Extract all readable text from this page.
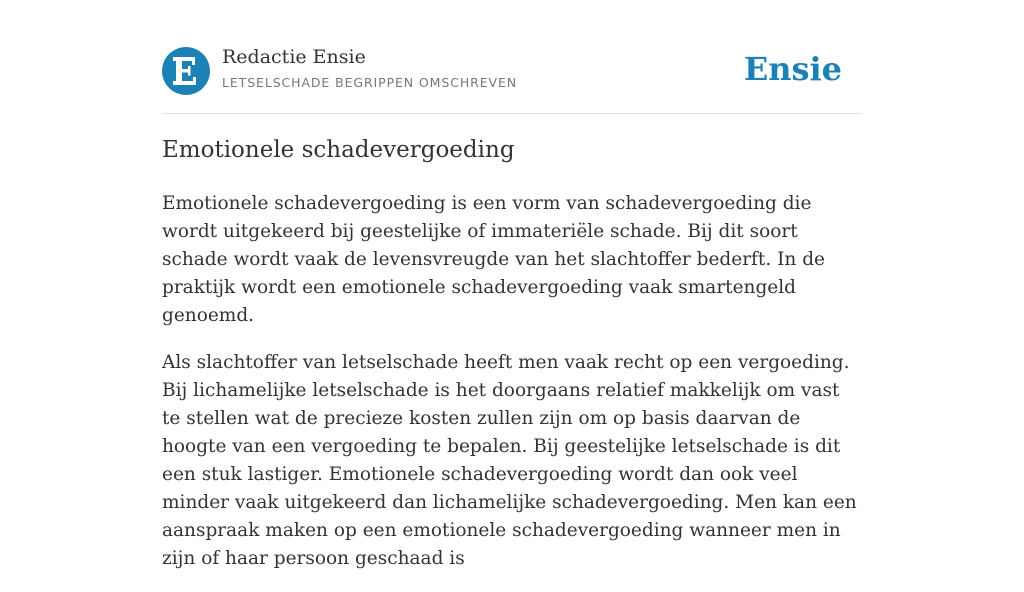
Redactie Ensie
LETSELSCHADE BEGRIPPEN OMSCHREVEN	Ensie
Emotionele schadevergoeding

Emotionele schadevergoeding is een vorm van schadevergoeding die wordt uitgekeerd bij geestelijke of immateriële schade. Bij dit soort schade wordt vaak de levensvreugde van het slachtoffer bederft. In de praktijk wordt een emotionele schadevergoeding vaak smartengeld genoemd.

Als slachtoffer van letselschade heeft men vaak recht op een vergoeding. Bij lichamelijke letselschade is het doorgaans relatief makkelijk om vast te stellen wat de precieze kosten zullen zijn om op basis daarvan de hoogte van een vergoeding te bepalen. Bij geestelijke letselschade is dit een stuk lastiger. Emotionele schadevergoeding wordt dan ook veel minder vaak uitgekeerd dan lichamelijke schadevergoeding. Men kan een aanspraak maken op een emotionele schadevergoeding wanneer men in zijn of haar persoon geschaad is
